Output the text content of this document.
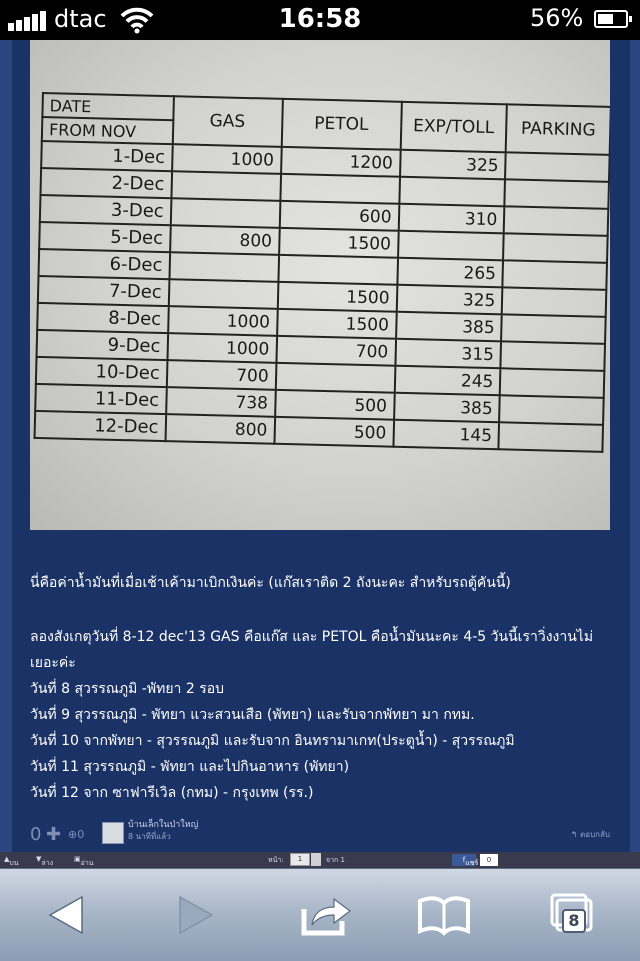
dtac	16:58	56%
DATE	GAS	PETOL	EXP/TOLL	PARKING
FROM NOV				
1-Dec	1000	1200	325	
2-Dec				
3-Dec		600	310	
5-Dec	800	1500		
6-Dec			265	
7-Dec		1500	325	
8-Dec	1000	1500	385	
9-Dec	1000	700	315	
10-Dec	700		245	
11-Dec	738	500	385	
12-Dec	800	500	145	

นี่คือค่าน้ำมันที่เมื่อเช้าเค้ามาเบิกเงินค่ะ (แก๊สเราติด 2 ถังนะคะ สำหรับรถตู้คันนี้)

ลองสังเกตุวันที่ 8-12 dec'13 GAS คือแก๊ส และ PETOL คือน้ำมันนะคะ 4-5 วันนี้เราวิ่งงานไม่

เยอะค่ะ

วันที่ 8 สุวรรณภูมิ -พัทยา 2 รอบ

วันที่ 9 สุวรรณภูมิ - พัทยา แวะสวนเสือ (พัทยา) และรับจากพัทยา มา กทม.

วันที่ 10 จากพัทยา - สุวรรณภูมิ และรับจาก อินทรามาเกท(ประตูน้ำ) - สุวรรณภูมิ

วันที่ 11 สุวรรณภูมิ - พัทยา และไปกินอาหาร (พัทยา)

วันที่ 12 จาก ซาฟารีเวิล (กทม) - กรุงเทพ (รร.)

0 ✚ ⊕0
บ้านเล็กในป่าใหญ่
8 นาทีที่แล้ว	↰ ตอบกลับ
▲ บน ▼ ล่าง	▣ อ่าน	หน้า:	1	จาก 1	f แชร์	0
8
